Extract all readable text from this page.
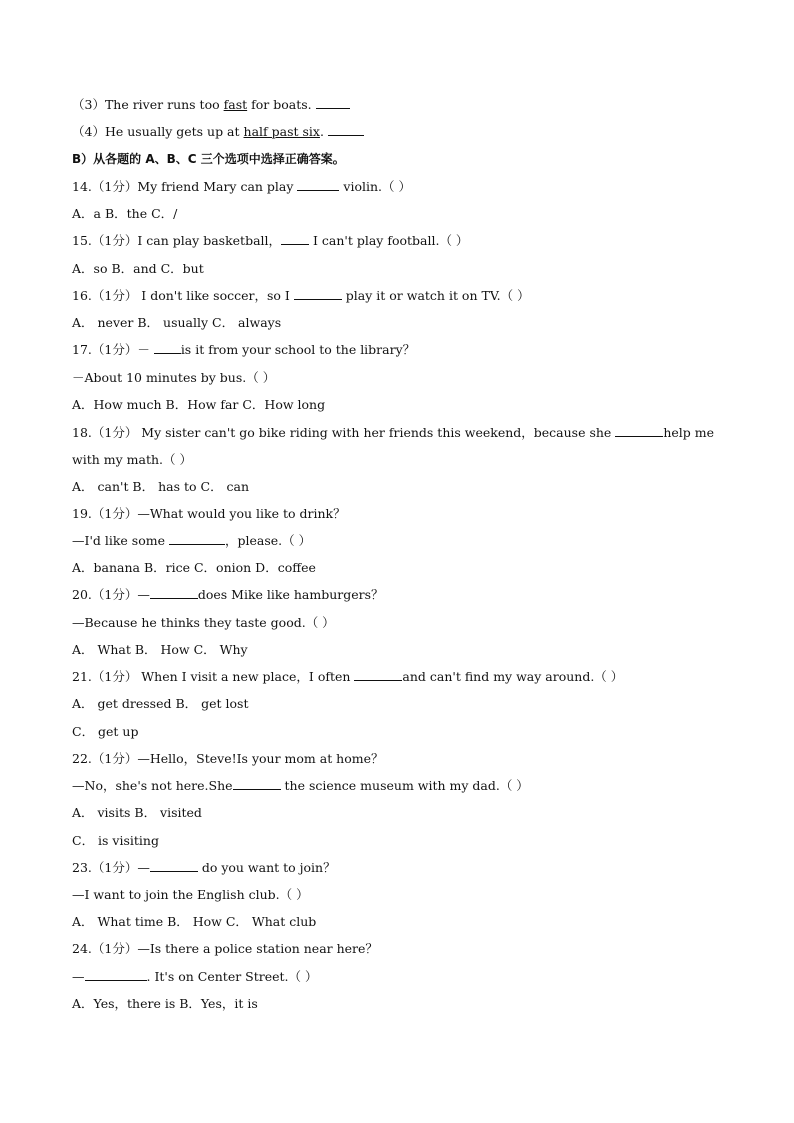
（3）The river runs too fast for boats.
（4）He usually gets up at half past six.
B）从各题的 A、B、C 三个选项中选择正确答案。
14.（1分）My friend Mary can play	violin.（ ）
A．a B．the C．/
15.（1分）I can play basketball， I can't play football.（ ）
A．so B．and C．but
16.（1分） I don't like soccer，so I	play it or watch it on TV.（ ）
A． never B． usually C． always
17.（1分）－ is it from your school to the library？
－About 10 minutes by bus.（ ）
A．How much B．How far C．How long
18.（1分） My sister can't go bike riding with her friends this weekend，because she	help me with my math.（ ）
A． can't B． has to C． can
19.（1分）—What would you like to drink？
—I'd like some	，please.（ ）
A．banana B．rice C．onion D．coffee
20.（1分）—	does Mike like hamburgers？
—Because he thinks they taste good.（ ）
A． What B． How C． Why
21.（1分） When I visit a new place，I often	and can't find my way around.（ ）
A． get dressed B． get lost
C． get up
22.（1分）—Hello，Steve!Is your mom at home？
—No，she's not here.She	the science museum with my dad.（ ）
A． visits B． visited
C． is visiting
23.（1分）—	do you want to join？
—I want to join the English club.（ ）
A． What time B． How C． What club
24.（1分）—Is there a police station near here？
—	. It's on Center Street.（ ）
A．Yes，there is B．Yes，it is
